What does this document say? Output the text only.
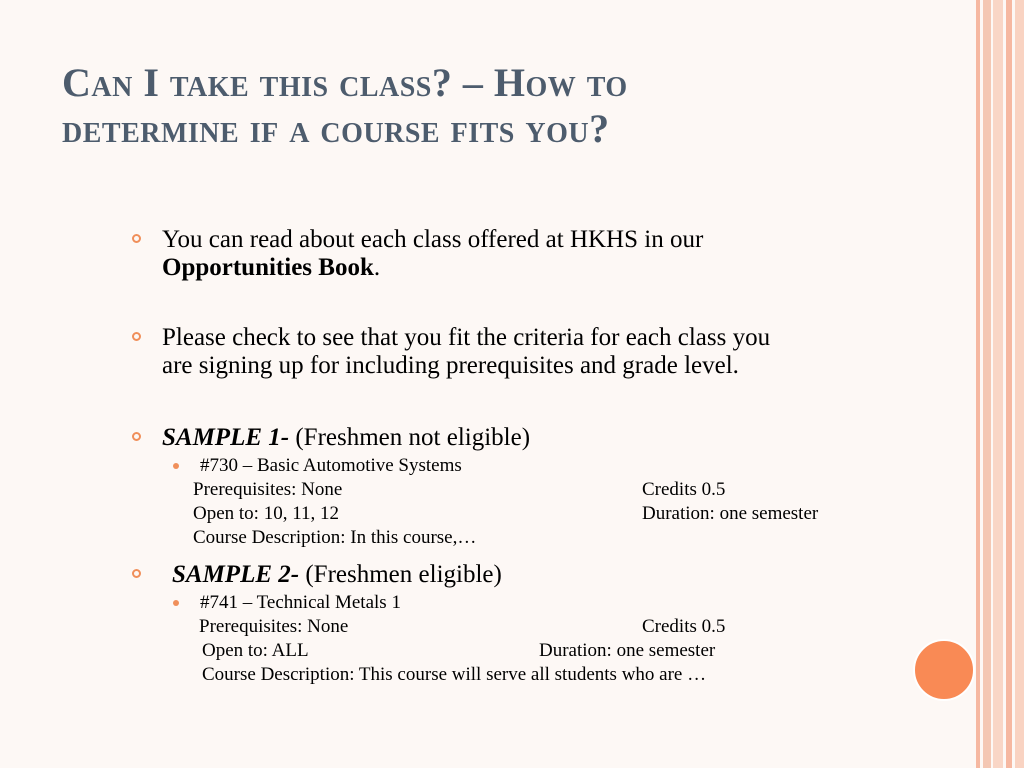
Can I take this class? – How to
determine if a course fits you?
You can read about each class offered at HKHS in our
Opportunities Book.
Please check to see that you fit the criteria for each class you
are signing up for including prerequisites and grade level.
SAMPLE 1- (Freshmen not eligible)
#730 – Basic Automotive Systems
Prerequisites: None	Credits 0.5
Open to: 10, 11, 12	Duration: one semester
Course Description: In this course,…
SAMPLE 2- (Freshmen eligible)
#741 – Technical Metals 1
Prerequisites: None	Credits 0.5
Open to: ALL	Duration: one semester
Course Description: This course will serve all students who are …
